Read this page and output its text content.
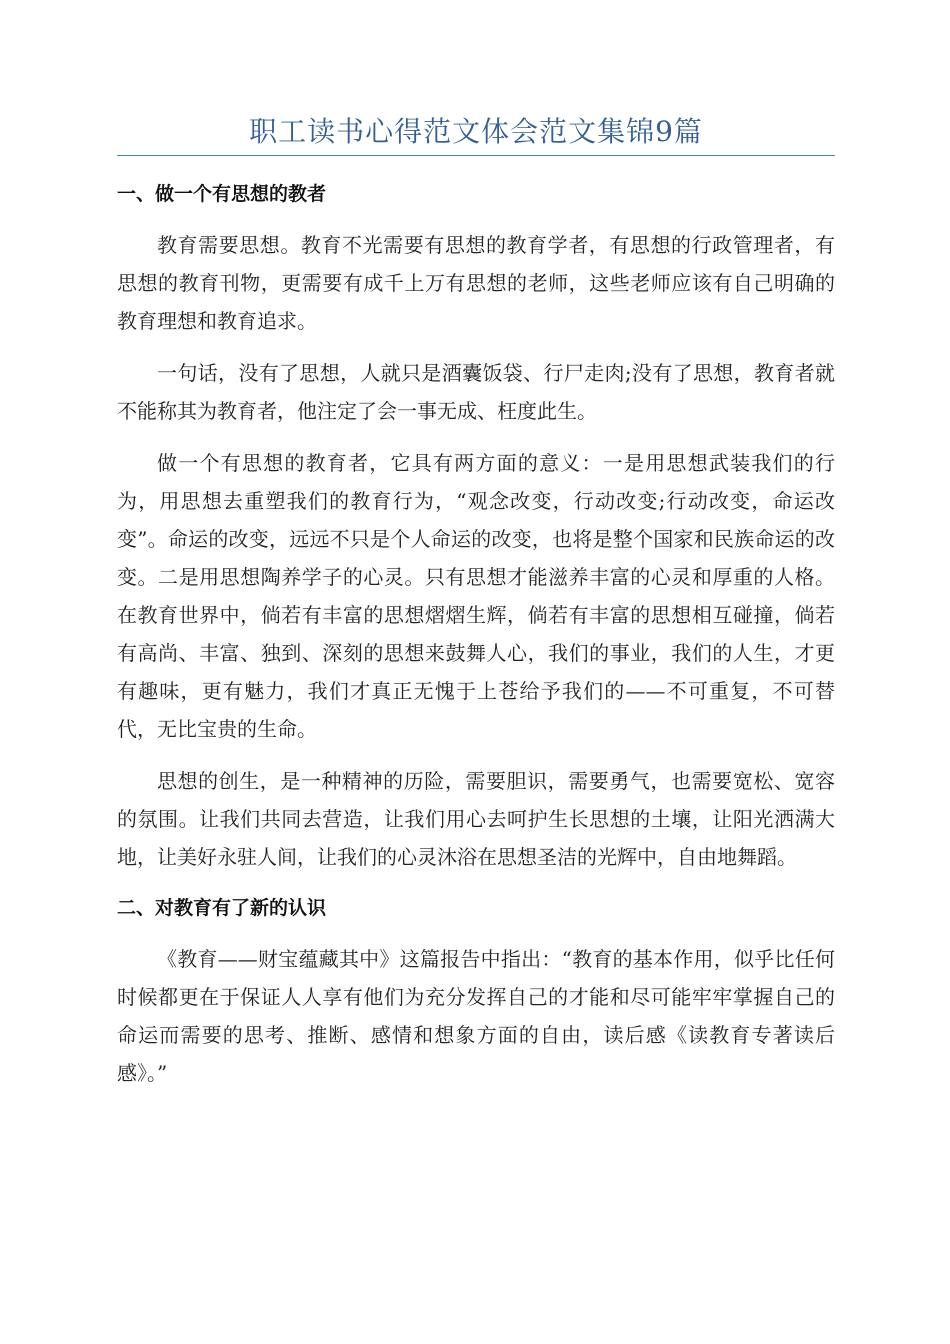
职工读书心得范文体会范文集锦9篇
一、做一个有思想的教者

教育需要思想。教育不光需要有思想的教育学者，有思想的行政管理者，有思想的教育刊物，更需要有成千上万有思想的老师，这些老师应该有自己明确的教育理想和教育追求。

一句话，没有了思想，人就只是酒囊饭袋、行尸走肉;没有了思想，教育者就不能称其为教育者，他注定了会一事无成、枉度此生。

做一个有思想的教育者，它具有两方面的意义：一是用思想武装我们的行为，用思想去重塑我们的教育行为，“观念改变，行动改变;行动改变，命运改变”。命运的改变，远远不只是个人命运的改变，也将是整个国家和民族命运的改变。二是用思想陶养学子的心灵。只有思想才能滋养丰富的心灵和厚重的人格。在教育世界中，倘若有丰富的思想熠熠生辉，倘若有丰富的思想相互碰撞，倘若有高尚、丰富、独到、深刻的思想来鼓舞人心，我们的事业，我们的人生，才更有趣味，更有魅力，我们才真正无愧于上苍给予我们的——不可重复，不可替代，无比宝贵的生命。

思想的创生，是一种精神的历险，需要胆识，需要勇气，也需要宽松、宽容的氛围。让我们共同去营造，让我们用心去呵护生长思想的土壤，让阳光洒满大地，让美好永驻人间，让我们的心灵沐浴在思想圣洁的光辉中，自由地舞蹈。

二、对教育有了新的认识

《教育——财宝蕴藏其中》这篇报告中指出：“教育的基本作用，似乎比任何时候都更在于保证人人享有他们为充分发挥自己的才能和尽可能牢牢掌握自己的命运而需要的思考、推断、感情和想象方面的自由，读后感《读教育专著读后感》。”
